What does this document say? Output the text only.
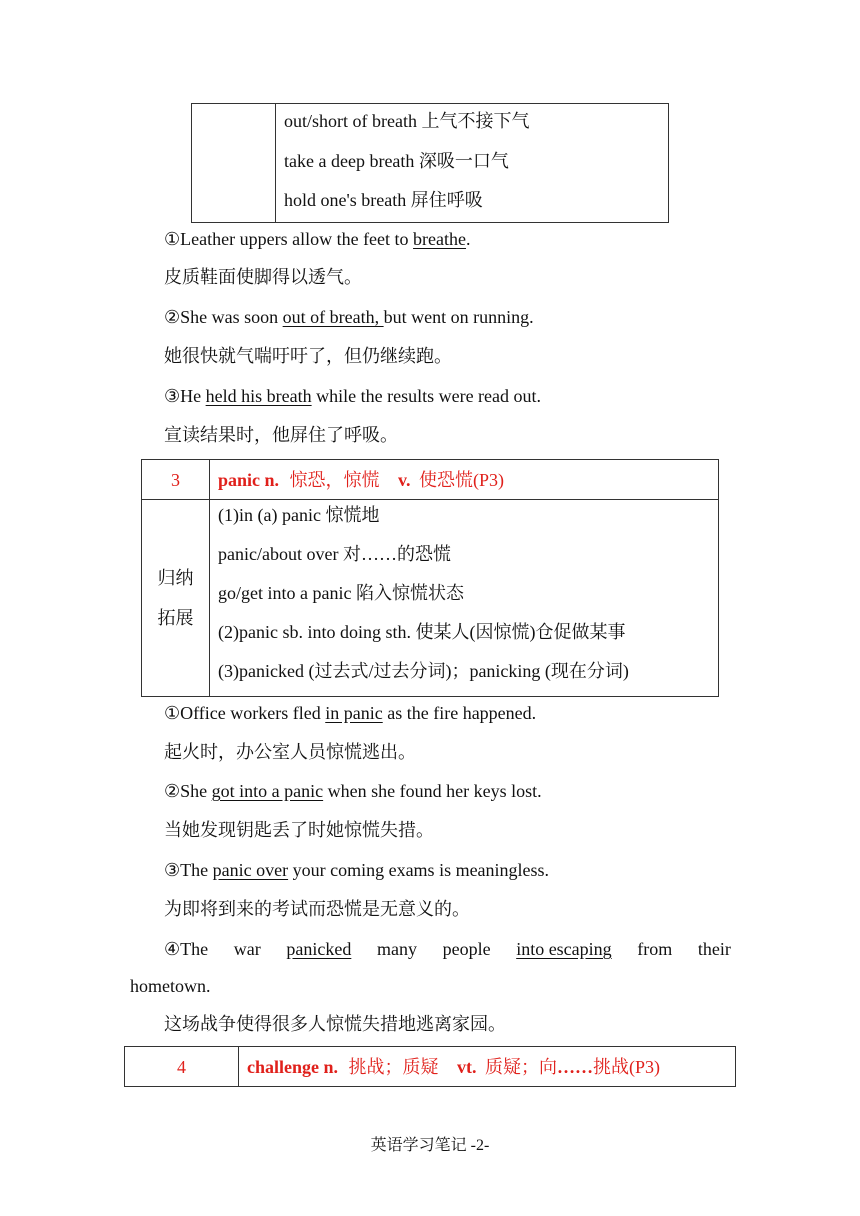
out/short of breath 上气不接下气
take a deep breath 深吸一口气
hold one's breath 屏住呼吸
①Leather uppers allow the feet to breathe.
皮质鞋面使脚得以透气。
②She was soon out of breath, but went on running.
她很快就气喘吁吁了，但仍继续跑。
③He held his breath while the results were read out.
宣读结果时，他屏住了呼吸。
3	panic n. 惊恐，惊慌 v. 使恐慌(P3)

归纳
拓展	(1)in (a) panic 惊慌地
panic/about over 对……的恐慌
go/get into a panic 陷入惊慌状态
(2)panic sb. into doing sth. 使某人(因惊慌)仓促做某事
(3)panicked (过去式/过去分词)；panicking (现在分词)
①Office workers fled in panic as the fire happened.
起火时，办公室人员惊慌逃出。
②She got into a panic when she found her keys lost.
当她发现钥匙丢了时她惊慌失措。
③The panic over your coming exams is meaningless.
为即将到来的考试而恐慌是无意义的。
④The war panicked many people into escaping from their
hometown.
这场战争使得很多人惊慌失措地逃离家园。
4	challenge n. 挑战；质疑 vt. 质疑；向……挑战(P3)
英语学习笔记 -2-
